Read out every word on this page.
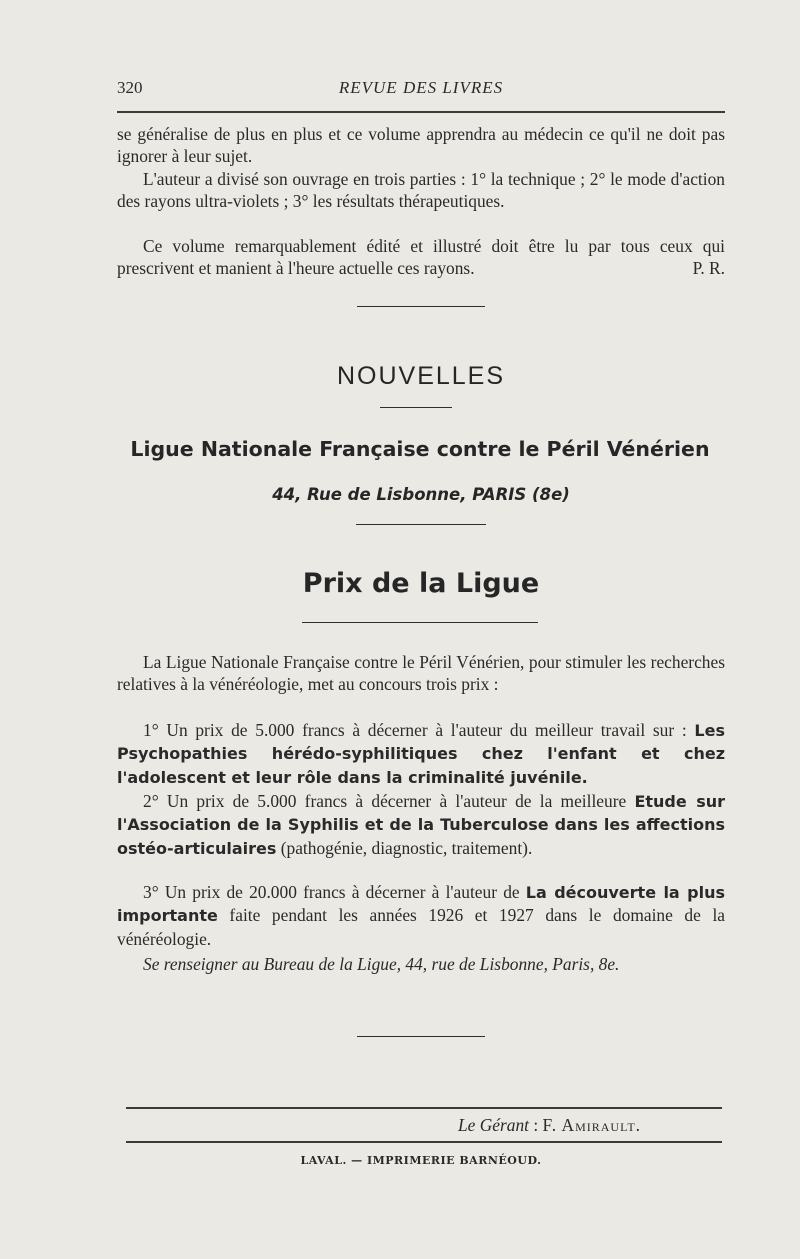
320	REVUE DES LIVRES
se généralise de plus en plus et ce volume apprendra au médecin ce qu'il ne doit pas ignorer à leur sujet.
L'auteur a divisé son ouvrage en trois parties : 1° la technique ; 2° le mode d'action des rayons ultra-violets ; 3° les résultats thérapeutiques.
Ce volume remarquablement édité et illustré doit être lu par tous ceux qui prescrivent et manient à l'heure actuelle ces rayons.	P. R.
NOUVELLES
Ligue Nationale Française contre le Péril Vénérien
44, Rue de Lisbonne, PARIS (8e)
Prix de la Ligue
La Ligue Nationale Française contre le Péril Vénérien, pour stimuler les recherches relatives à la vénéréologie, met au concours trois prix :
1° Un prix de 5.000 francs à décerner à l'auteur du meilleur travail sur : Les Psychopathies hérédo-syphilitiques chez l'enfant et chez l'adolescent et leur rôle dans la criminalité juvénile.
2° Un prix de 5.000 francs à décerner à l'auteur de la meilleure Etude sur l'Association de la Syphilis et de la Tuberculose dans les affections ostéo-articulaires (pathogénie, diagnostic, traitement).
3° Un prix de 20.000 francs à décerner à l'auteur de La découverte la plus importante faite pendant les années 1926 et 1927 dans le domaine de la vénéréologie.
Se renseigner au Bureau de la Ligue, 44, rue de Lisbonne, Paris, 8e.
Le Gérant : F. Amirault.
LAVAL. — IMPRIMERIE BARNÉOUD.
